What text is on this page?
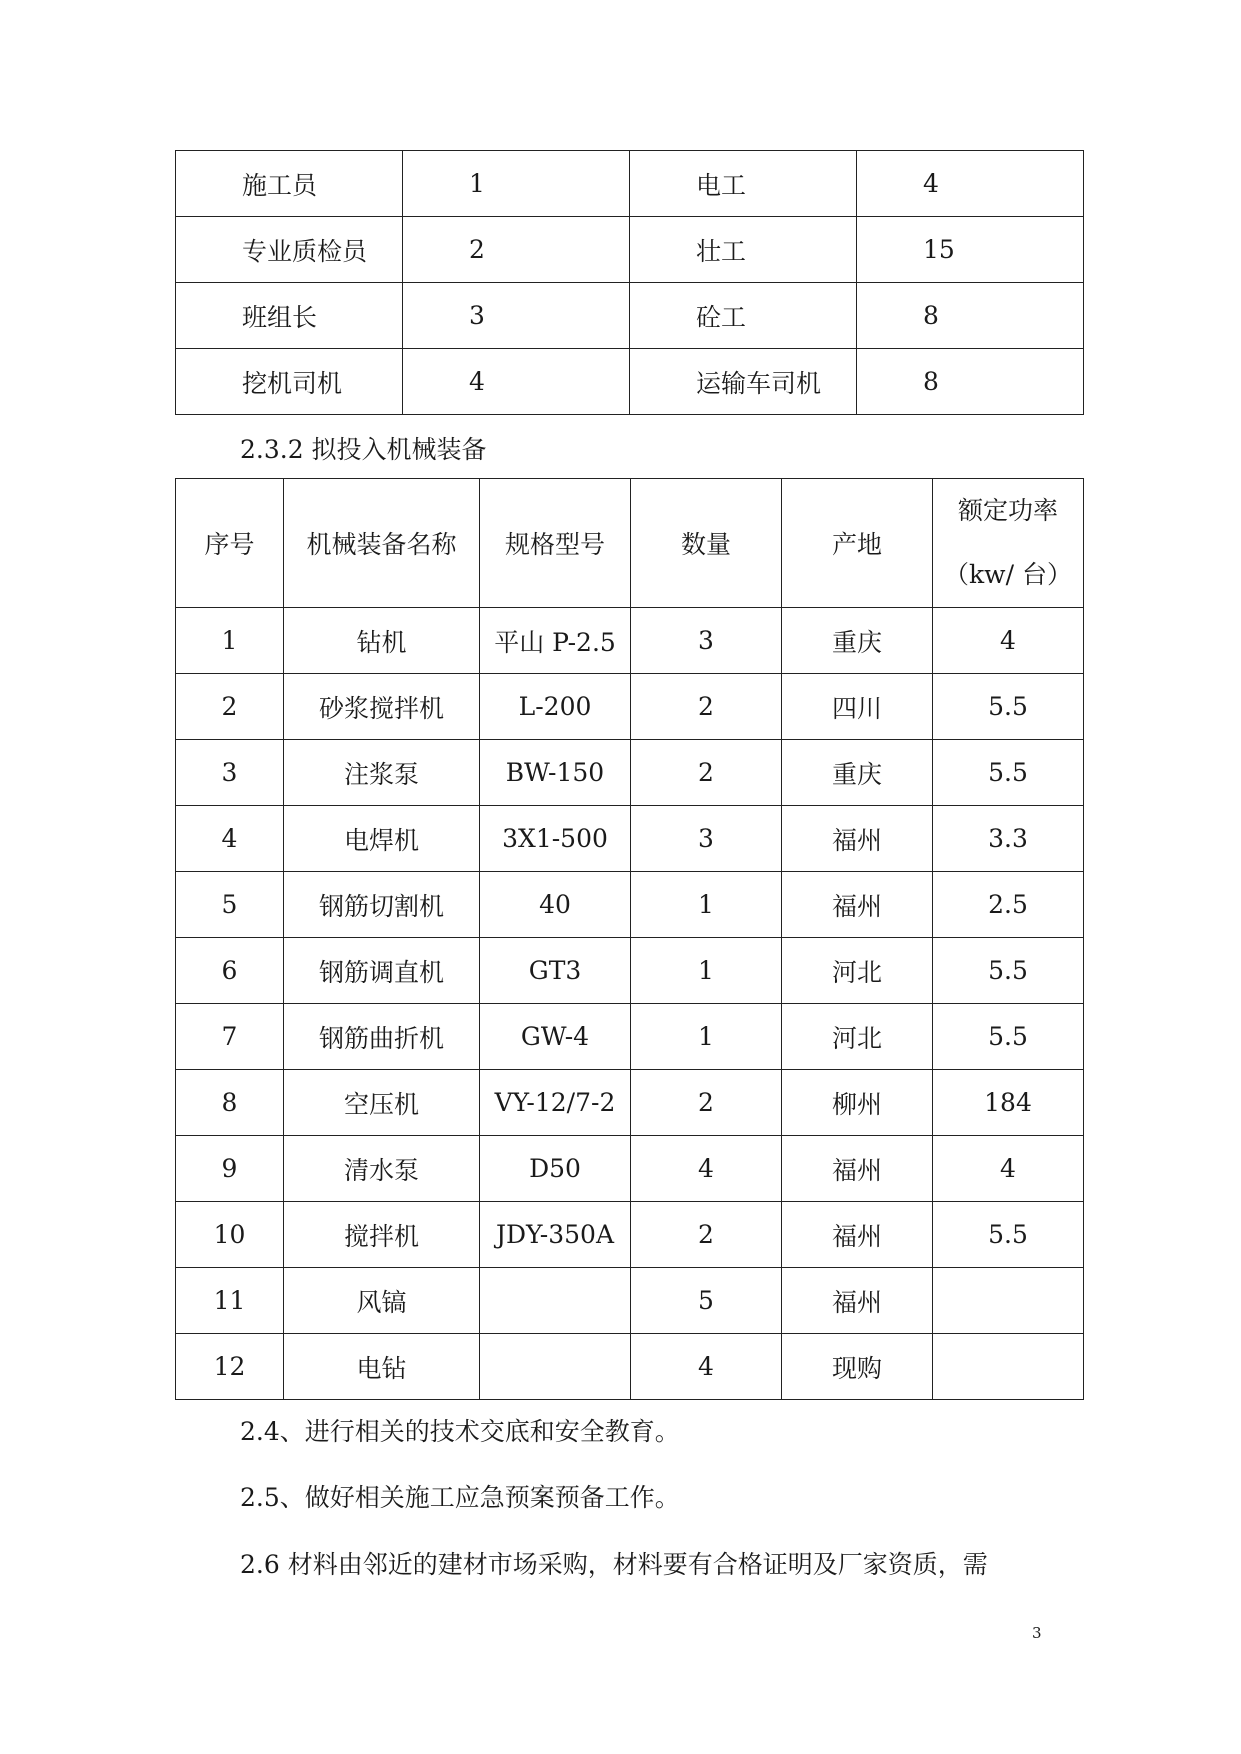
施工员	1	电工	4
专业质检员	2	壮工	15
班组长	3	砼工	8
挖机司机	4	运输车司机	8
2.3.2 拟投入机械装备
序号	机械装备名称	规格型号	数量	产地	额定功率
（kw/ 台）

1	钻机	平山 P-2.5	3	重庆	4
2	砂浆搅拌机	L-200	2	四川	5.5
3	注浆泵	BW-150	2	重庆	5.5
4	电焊机	3X1-500	3	福州	3.3
5	钢筋切割机	40	1	福州	2.5
6	钢筋调直机	GT3	1	河北	5.5
7	钢筋曲折机	GW-4	1	河北	5.5
8	空压机	VY-12/7-2	2	柳州	184
9	清水泵	D50	4	福州	4
10	搅拌机	JDY-350A	2	福州	5.5
11	风镐		5	福州	
12	电钻		4	现购	
2.4、进行相关的技术交底和安全教育。
2.5、做好相关施工应急预案预备工作。
2.6 材料由邻近的建材市场采购，材料要有合格证明及厂家资质，需
3
